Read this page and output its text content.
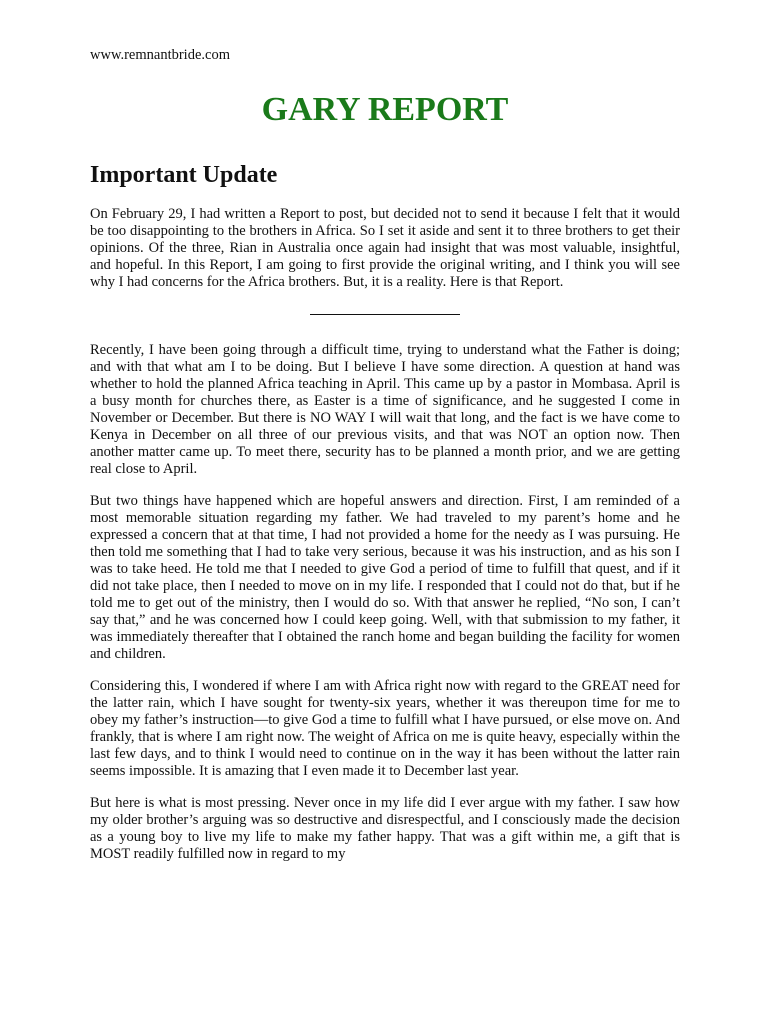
www.remnantbride.com
GARY REPORT
Important Update

On February 29, I had written a Report to post, but decided not to send it because I felt that it would be too disappointing to the brothers in Africa. So I set it aside and sent it to three brothers to get their opinions. Of the three, Rian in Australia once again had insight that was most valuable, insightful, and hopeful. In this Report, I am going to first provide the original writing, and I think you will see why I had concerns for the Africa brothers. But, it is a reality. Here is that Report.

Recently, I have been going through a difficult time, trying to understand what the Father is doing; and with that what am I to be doing. But I believe I have some direction. A question at hand was whether to hold the planned Africa teaching in April. This came up by a pastor in Mombasa. April is a busy month for churches there, as Easter is a time of significance, and he suggested I come in November or December. But there is NO WAY I will wait that long, and the fact is we have come to Kenya in December on all three of our previous visits, and that was NOT an option now. Then another matter came up. To meet there, security has to be planned a month prior, and we are getting real close to April.

But two things have happened which are hopeful answers and direction. First, I am reminded of a most memorable situation regarding my father. We had traveled to my parent’s home and he expressed a concern that at that time, I had not provided a home for the needy as I was pursuing. He then told me something that I had to take very serious, because it was his instruction, and as his son I was to take heed. He told me that I needed to give God a period of time to fulfill that quest, and if it did not take place, then I needed to move on in my life. I responded that I could not do that, but if he told me to get out of the ministry, then I would do so. With that answer he replied, “No son, I can’t say that,” and he was concerned how I could keep going. Well, with that submission to my father, it was immediately thereafter that I obtained the ranch home and began building the facility for women and children.

Considering this, I wondered if where I am with Africa right now with regard to the GREAT need for the latter rain, which I have sought for twenty-six years, whether it was thereupon time for me to obey my father’s instruction—to give God a time to fulfill what I have pursued, or else move on. And frankly, that is where I am right now. The weight of Africa on me is quite heavy, especially within the last few days, and to think I would need to continue on in the way it has been without the latter rain seems impossible. It is amazing that I even made it to December last year.

But here is what is most pressing. Never once in my life did I ever argue with my father. I saw how my older brother’s arguing was so destructive and disrespectful, and I consciously made the decision as a young boy to live my life to make my father happy. That was a gift within me, a gift that is MOST readily fulfilled now in regard to my
